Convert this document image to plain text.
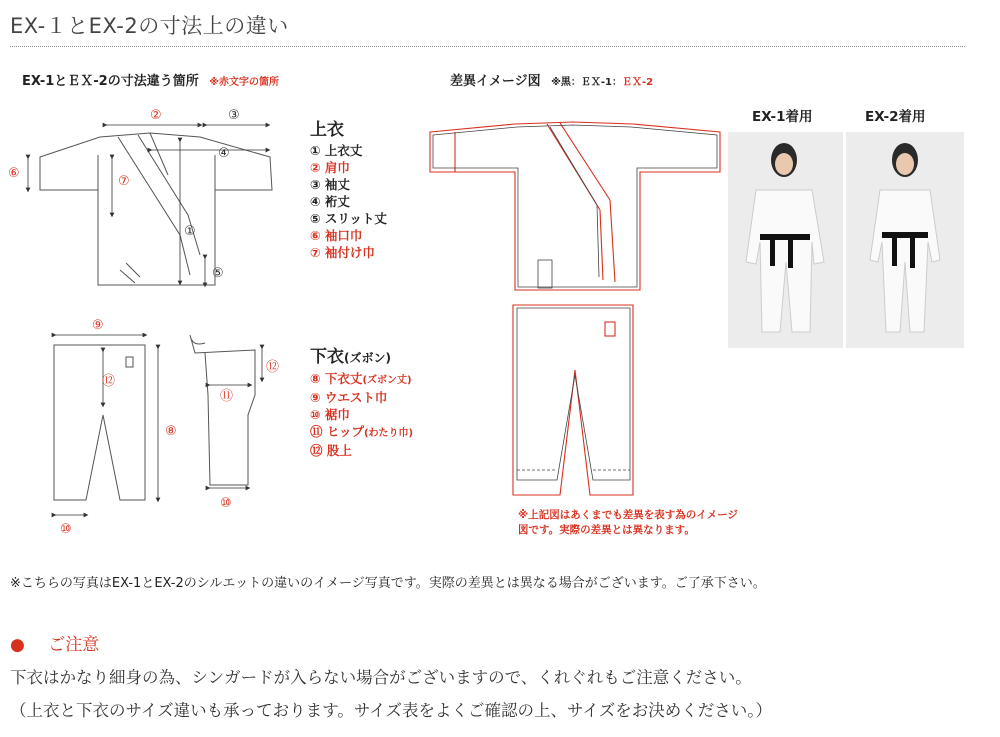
EX-１とEX-2の寸法上の違い
EX-1とＥＸ-2の寸法違う箇所 ※赤文字の箇所
②	③
④
⑥
⑦
①
⑤
⑨
⑫
⑧
⑪
⑫
⑩
⑩
上衣
① 上衣丈
② 肩巾
③ 袖丈
④ 裄丈
⑤ スリット丈
⑥ 袖口巾
⑦ 袖付け巾
下衣(ズボン)
⑧ 下衣丈(ズボン丈)
⑨ ウエスト巾
⑩ 裾巾
⑪ ヒップ(わたり巾)
⑫ 股上
差異イメージ図 ※黒：ＥＸ-1：ＥＸ-2
※上記図はあくまでも差異を表す為のイメージ
図です。実際の差異とは異なります。
EX-1着用	EX-2着用
※こちらの写真はEX-1とEX-2のシルエットの違いのイメージ写真です。実際の差異とは異なる場合がございます。ご了承下さい。
● ご注意
下衣はかなり細身の為、シンガードが入らない場合がございますので、くれぐれもご注意ください。
（上衣と下衣のサイズ違いも承っております。サイズ表をよくご確認の上、サイズをお決めください。）
